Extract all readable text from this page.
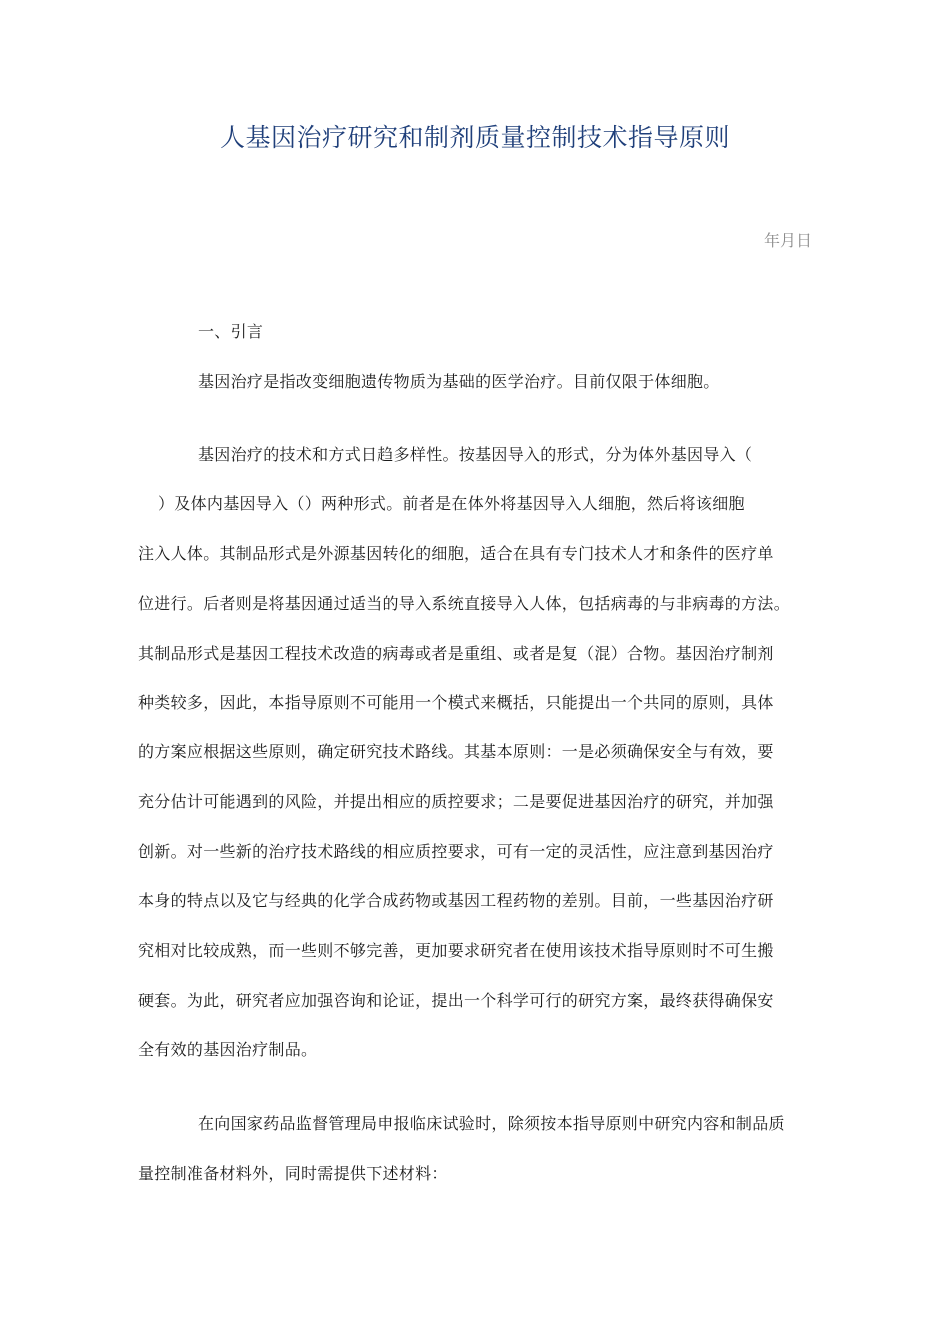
人基因治疗研究和制剂质量控制技术指导原则
年月日
一、引言
基因治疗是指改变细胞遗传物质为基础的医学治疗。目前仅限于体细胞。
基因治疗的技术和方式日趋多样性。按基因导入的形式，分为体外基因导入（
）及体内基因导入（）两种形式。前者是在体外将基因导入人细胞，然后将该细胞
注入人体。其制品形式是外源基因转化的细胞，适合在具有专门技术人才和条件的医疗单
位进行。后者则是将基因通过适当的导入系统直接导入人体，包括病毒的与非病毒的方法。
其制品形式是基因工程技术改造的病毒或者是重组、或者是复（混）合物。基因治疗制剂
种类较多，因此，本指导原则不可能用一个模式来概括，只能提出一个共同的原则，具体
的方案应根据这些原则，确定研究技术路线。其基本原则：一是必须确保安全与有效，要
充分估计可能遇到的风险，并提出相应的质控要求；二是要促进基因治疗的研究，并加强
创新。对一些新的治疗技术路线的相应质控要求，可有一定的灵活性，应注意到基因治疗
本身的特点以及它与经典的化学合成药物或基因工程药物的差别。目前，一些基因治疗研
究相对比较成熟，而一些则不够完善，更加要求研究者在使用该技术指导原则时不可生搬
硬套。为此，研究者应加强咨询和论证，提出一个科学可行的研究方案，最终获得确保安
全有效的基因治疗制品。
在向国家药品监督管理局申报临床试验时，除须按本指导原则中研究内容和制品质
量控制准备材料外，同时需提供下述材料：
